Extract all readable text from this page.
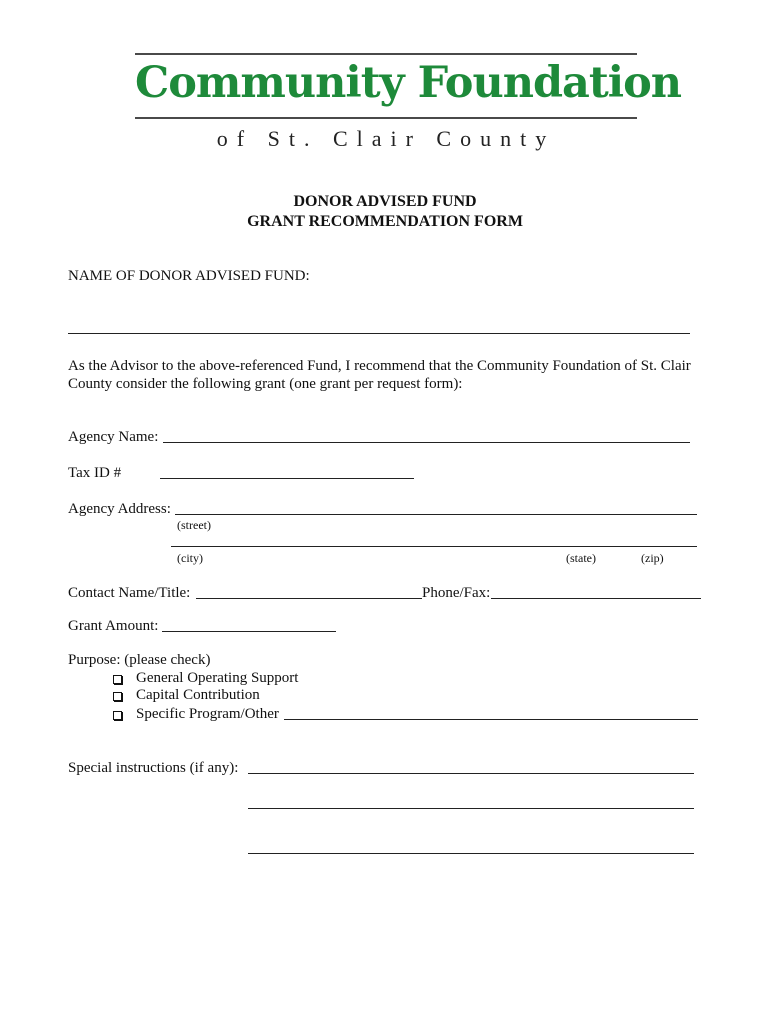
Community Foundation
of St. Clair County
DONOR ADVISED FUND
GRANT RECOMMENDATION FORM
NAME OF DONOR ADVISED FUND:
As the Advisor to the above-referenced Fund, I recommend that the Community Foundation of St. Clair
County consider the following grant (one grant per request form):
Agency Name:
Tax ID #
Agency Address:
(street)
(city)	(state)	(zip)
Contact Name/Title:	Phone/Fax:
Grant Amount:
Purpose: (please check)
General Operating Support
Capital Contribution
Specific Program/Other
Special instructions (if any):
